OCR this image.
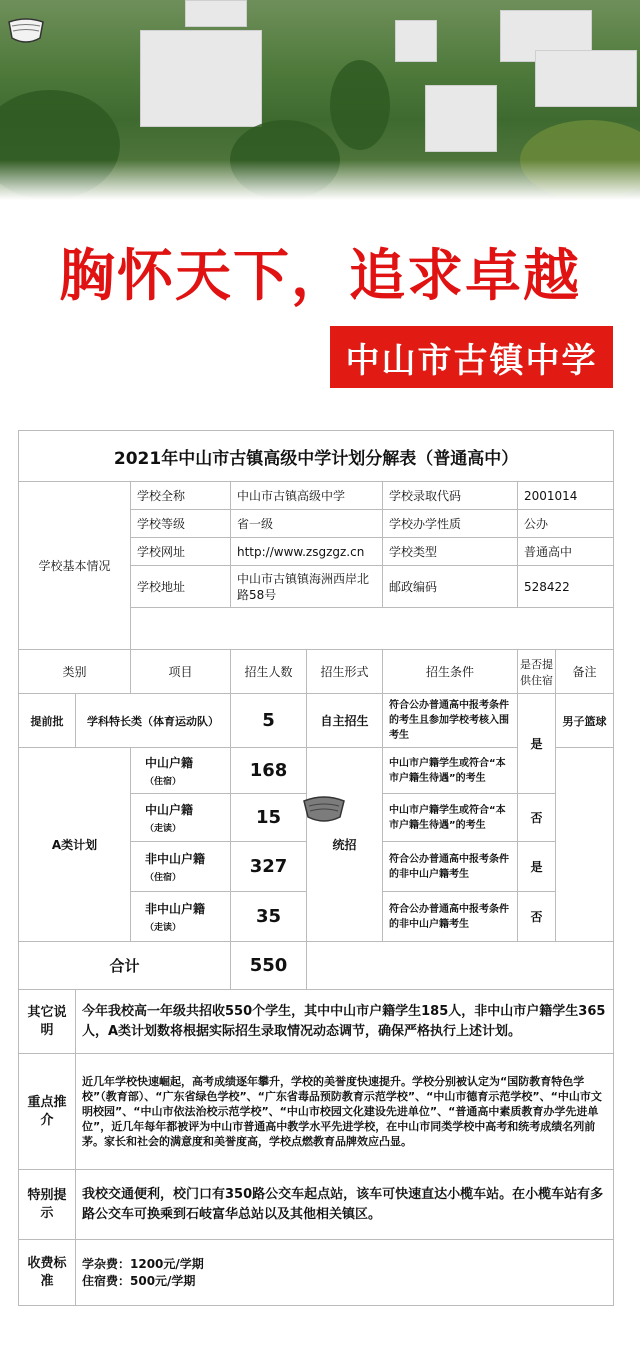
胸怀天下，追求卓越
中山市古镇中学
2021年中山市古镇高级中学计划分解表（普通高中）							
学校基本情况		学校全称	中山市古镇高级中学		学校录取代码	2001014	
		学校等级	省一级		学校办学性质	公办	
		学校网址	http://www.zsgzgz.cn		学校类型	普通高中	
		学校地址	中山市古镇镇海洲西岸北路58号		邮政编码	528422	

类别		项目	招生人数	招生形式	招生条件	是否提供住宿	备注
提前批	学科特长类（体育运动队）		5	自主招生	符合公办普通高中报考条件的考生且参加学校考核入围考生	是	男子篮球
A类计划		中山户籍
（住宿）	168	统招	中山市户籍学生或符合“本市户籍生待遇”的考生		
		中山户籍
（走读）	15		中山市户籍学生或符合“本市户籍生待遇”的考生	否	
		非中山户籍
（住宿）	327		符合公办普通高中报考条件的非中山户籍考生	是	
		非中山户籍
（走读）	35		符合公办普通高中报考条件的非中山户籍考生	否	
合计			550				
其它说明	今年我校高一年级共招收550个学生，其中中山市户籍学生185人，非中山市户籍学生365人，A类计划数将根据实际招生录取情况动态调节，确保严格执行上述计划。						
重点推介	近几年学校快速崛起，高考成绩逐年攀升，学校的美誉度快速提升。学校分别被认定为“国防教育特色学校”（教育部）、“广东省绿色学校”、“广东省毒品预防教育示范学校”、“中山市德育示范学校”、“中山市文明校园”、“中山市依法治校示范学校”、“中山市校园文化建设先进单位”、“普通高中素质教育办学先进单位”，近几年每年都被评为中山市普通高中教学水平先进学校，在中山市同类学校中高考和统考成绩名列前茅。家长和社会的满意度和美誉度高，学校点燃教育品牌效应凸显。						
特别提示	我校交通便利，校门口有350路公交车起点站，该车可快速直达小榄车站。在小榄车站有多路公交车可换乘到石岐富华总站以及其他相关镇区。						
收费标准	学杂费：1200元/学期
住宿费：500元/学期						
